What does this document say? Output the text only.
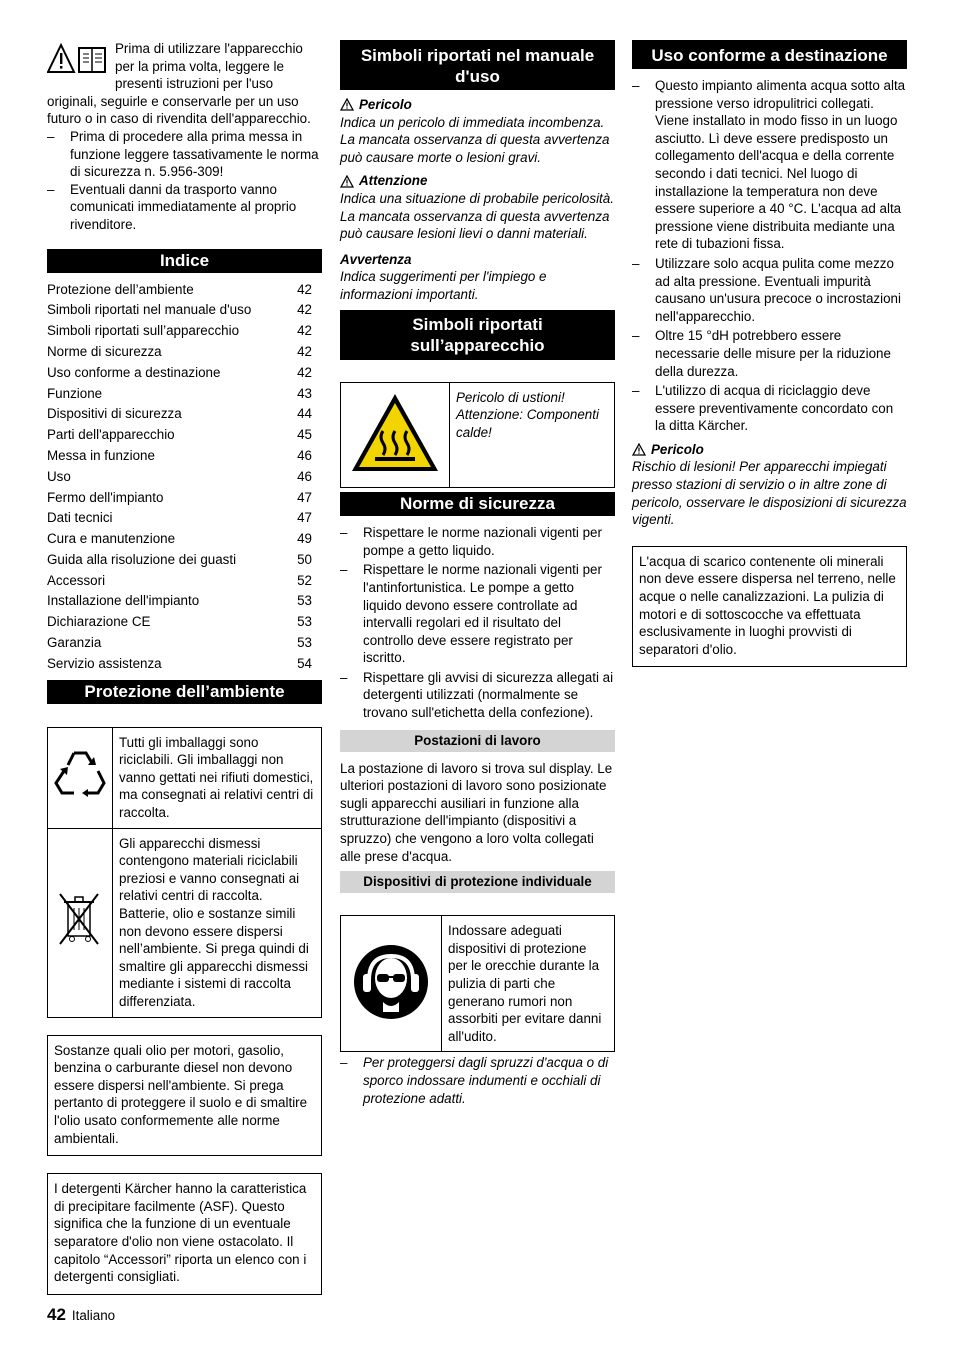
Prima di utilizzare l'apparecchio per la prima volta, leggere le presenti istruzioni per l'uso originali, seguirle e conservarle per un uso futuro o in caso di rivendita dell'apparecchio.

–	Prima di procedere alla prima messa in funzione leggere tassativamente le norma di sicurezza n. 5.956-309!
–	Eventuali danni da trasporto vanno comunicati immediatamente al proprio rivenditore.
Indice
Protezione dell’ambiente	42
Simboli riportati nel manuale d'uso	42
Simboli riportati sull’apparecchio	42
Norme di sicurezza	42
Uso conforme a destinazione	42
Funzione	43
Dispositivi di sicurezza	44
Parti dell'apparecchio	45
Messa in funzione	46
Uso	46
Fermo dell'impianto	47
Dati tecnici	47
Cura e manutenzione	49
Guida alla risoluzione dei guasti	50
Accessori	52
Installazione dell'impianto	53
Dichiarazione CE	53
Garanzia	53
Servizio assistenza	54
Protezione dell’ambiente
	Tutti gli imballaggi sono riciclabili. Gli imballaggi non vanno gettati nei rifiuti domestici, ma consegnati ai relativi centri di raccolta.
	Gli apparecchi dismessi contengono materiali riciclabili preziosi e vanno consegnati ai relativi centri di raccolta. Batterie, olio e sostanze simili non devono essere dispersi nell’ambiente. Si prega quindi di smaltire gli apparecchi dismessi mediante i sistemi di raccolta differenziata.
Sostanze quali olio per motori, gasolio, benzina o carburante diesel non devono essere dispersi nell'ambiente. Si prega pertanto di proteggere il suolo e di smaltire l'olio usato conformemente alle norme ambientali.
I detergenti Kärcher hanno la caratteristica di precipitare facilmente (ASF). Questo significa che la funzione di un eventuale separatore d'olio non viene ostacolato. Il capitolo “Accessori” riporta un elenco con i detergenti consigliati.
Simboli riportati nel manuale d'uso
Pericolo

Indica un pericolo di immediata incombenza. La mancata osservanza di questa avvertenza può causare morte o lesioni gravi.

Attenzione

Indica una situazione di probabile pericolosità. La mancata osservanza di questa avvertenza può causare lesioni lievi o danni materiali.

Avvertenza

Indica suggerimenti per l'impiego e informazioni importanti.

Simboli riportati sull’apparecchio
	Pericolo di ustioni! Attenzione: Componenti calde!
Norme di sicurezza
–	Rispettare le norme nazionali vigenti per pompe a getto liquido.
–	Rispettare le norme nazionali vigenti per l'antinfortunistica. Le pompe a getto liquido devono essere controllate ad intervalli regolari ed il risultato del controllo deve essere registrato per iscritto.
–	Rispettare gli avvisi di sicurezza allegati ai detergenti utilizzati (normalmente se trovano sull'etichetta della confezione).
Postazioni di lavoro

La postazione di lavoro si trova sul display. Le ulteriori postazioni di lavoro sono posizionate sugli apparecchi ausiliari in funzione alla strutturazione dell'impianto (dispositivi a spruzzo) che vengono a loro volta collegati alle prese d'acqua.

Dispositivi di protezione individuale
	Indossare adeguati dispositivi di protezione per le orecchie durante la pulizia di parti che generano rumori non assorbiti per evitare danni all'udito.
–	Per proteggersi dagli spruzzi d'acqua o di sporco indossare indumenti e occhiali di protezione adatti.
Uso conforme a destinazione
–	Questo impianto alimenta acqua sotto alta pressione verso idropulitrici collegati. Viene installato in modo fisso in un luogo asciutto. Lì deve essere predisposto un collegamento dell'acqua e della corrente secondo i dati tecnici. Nel luogo di installazione la temperatura non deve essere superiore a 40 °C. L'acqua ad alta pressione viene distribuita mediante una rete di tubazioni fissa.
–	Utilizzare solo acqua pulita come mezzo ad alta pressione. Eventuali impurità causano un'usura precoce o incrostazioni nell'apparecchio.
–	Oltre 15 °dH potrebbero essere necessarie delle misure per la riduzione della durezza.
–	L'utilizzo di acqua di riciclaggio deve essere preventivamente concordato con la ditta Kärcher.
Pericolo

Rischio di lesioni! Per apparecchi impiegati presso stazioni di servizio o in altre zone di pericolo, osservare le disposizioni di sicurezza vigenti.

L'acqua di scarico contenente oli minerali non deve essere dispersa nel terreno, nelle acque o nelle canalizzazioni. La pulizia di motori e di sottoscocche va effettuata esclusivamente in luoghi provvisti di separatori d'olio.
42 Italiano
